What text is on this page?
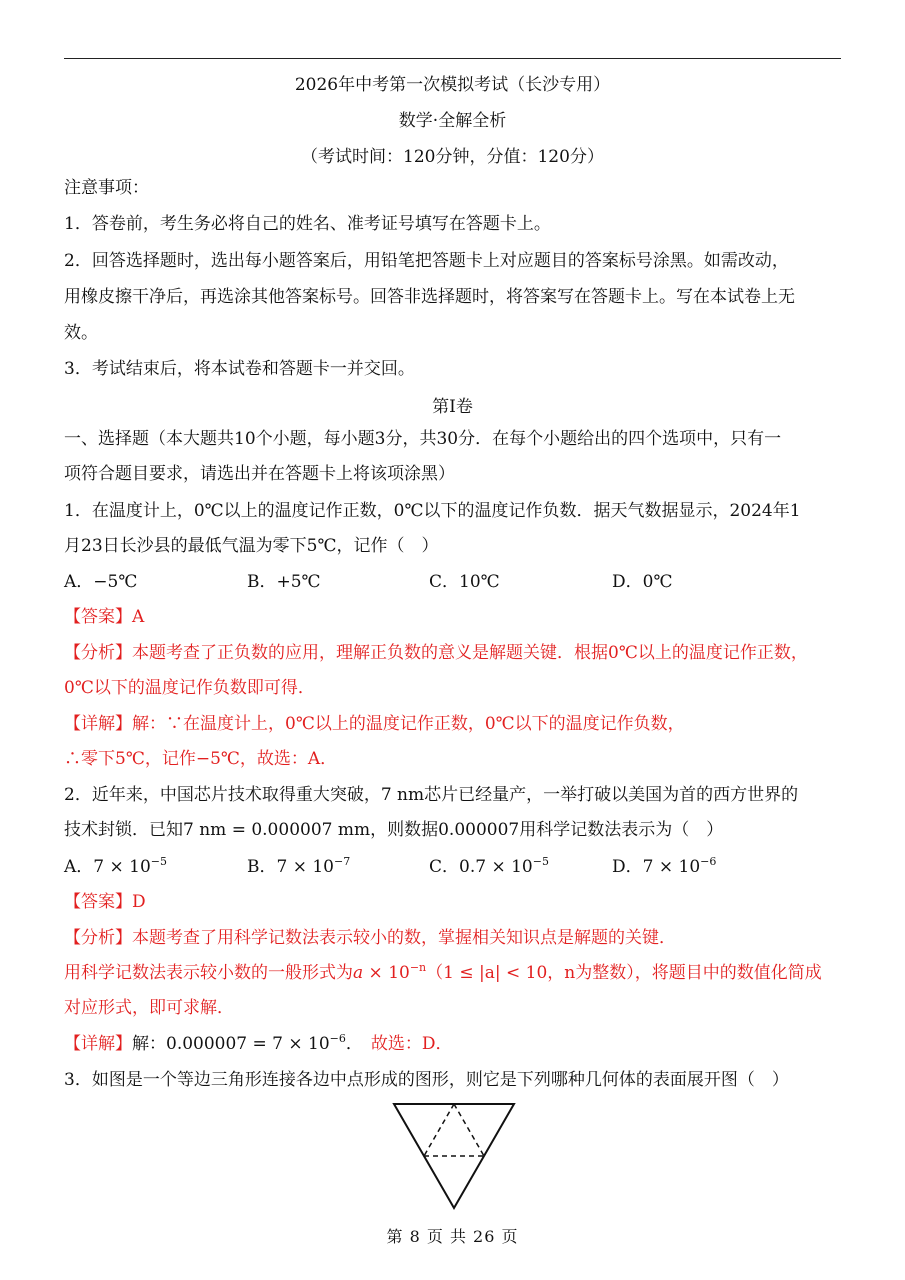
2026年中考第一次模拟考试（长沙专用）
数学·全解全析
（考试时间：120分钟，分值：120分）
注意事项：
1．答卷前，考生务必将自己的姓名、准考证号填写在答题卡上。
2．回答选择题时，选出每小题答案后，用铅笔把答题卡上对应题目的答案标号涂黑。如需改动，
用橡皮擦干净后，再选涂其他答案标号。回答非选择题时，将答案写在答题卡上。写在本试卷上无
效。
3．考试结束后，将本试卷和答题卡一并交回。
第Ⅰ卷
一、选择题（本大题共10个小题，每小题3分，共30分．在每个小题给出的四个选项中，只有一
项符合题目要求，请选出并在答题卡上将该项涂黑）
1．在温度计上，0℃以上的温度记作正数，0℃以下的温度记作负数．据天气数据显示，2024年1
月23日长沙县的最低气温为零下5℃，记作（　）
A．−5℃	B．+5℃	C．10℃	D．0℃
【答案】A
【分析】本题考查了正负数的应用，理解正负数的意义是解题关键．根据0℃以上的温度记作正数，
0℃以下的温度记作负数即可得．
【详解】解：∵在温度计上，0℃以上的温度记作正数，0℃以下的温度记作负数，
∴零下5℃，记作−5℃，故选：A．
2．近年来，中国芯片技术取得重大突破，7 nm芯片已经量产，一举打破以美国为首的西方世界的
技术封锁．已知7 nm = 0.000007 mm，则数据0.000007用科学记数法表示为（　）
A．$7 \times 10^{-5}$	B．$7 \times 10^{-7}$	C．$0.7 \times 10^{-5}$	D．$7 \times 10^{-6}$
【答案】D
【分析】本题考查了用科学记数法表示较小的数，掌握相关知识点是解题的关键．
用科学记数法表示较小数的一般形式为$a \times 10^{-n}(1 \le |a| < 10$，n为整数），将题目中的数值化简成
对应形式，即可求解．
【详解】解：$0.000007 = 7 \times 10^{-6}$． 故选：D．
3．如图是一个等边三角形连接各边中点形成的图形，则它是下列哪种几何体的表面展开图（　）
第 8 页 共 26 页
